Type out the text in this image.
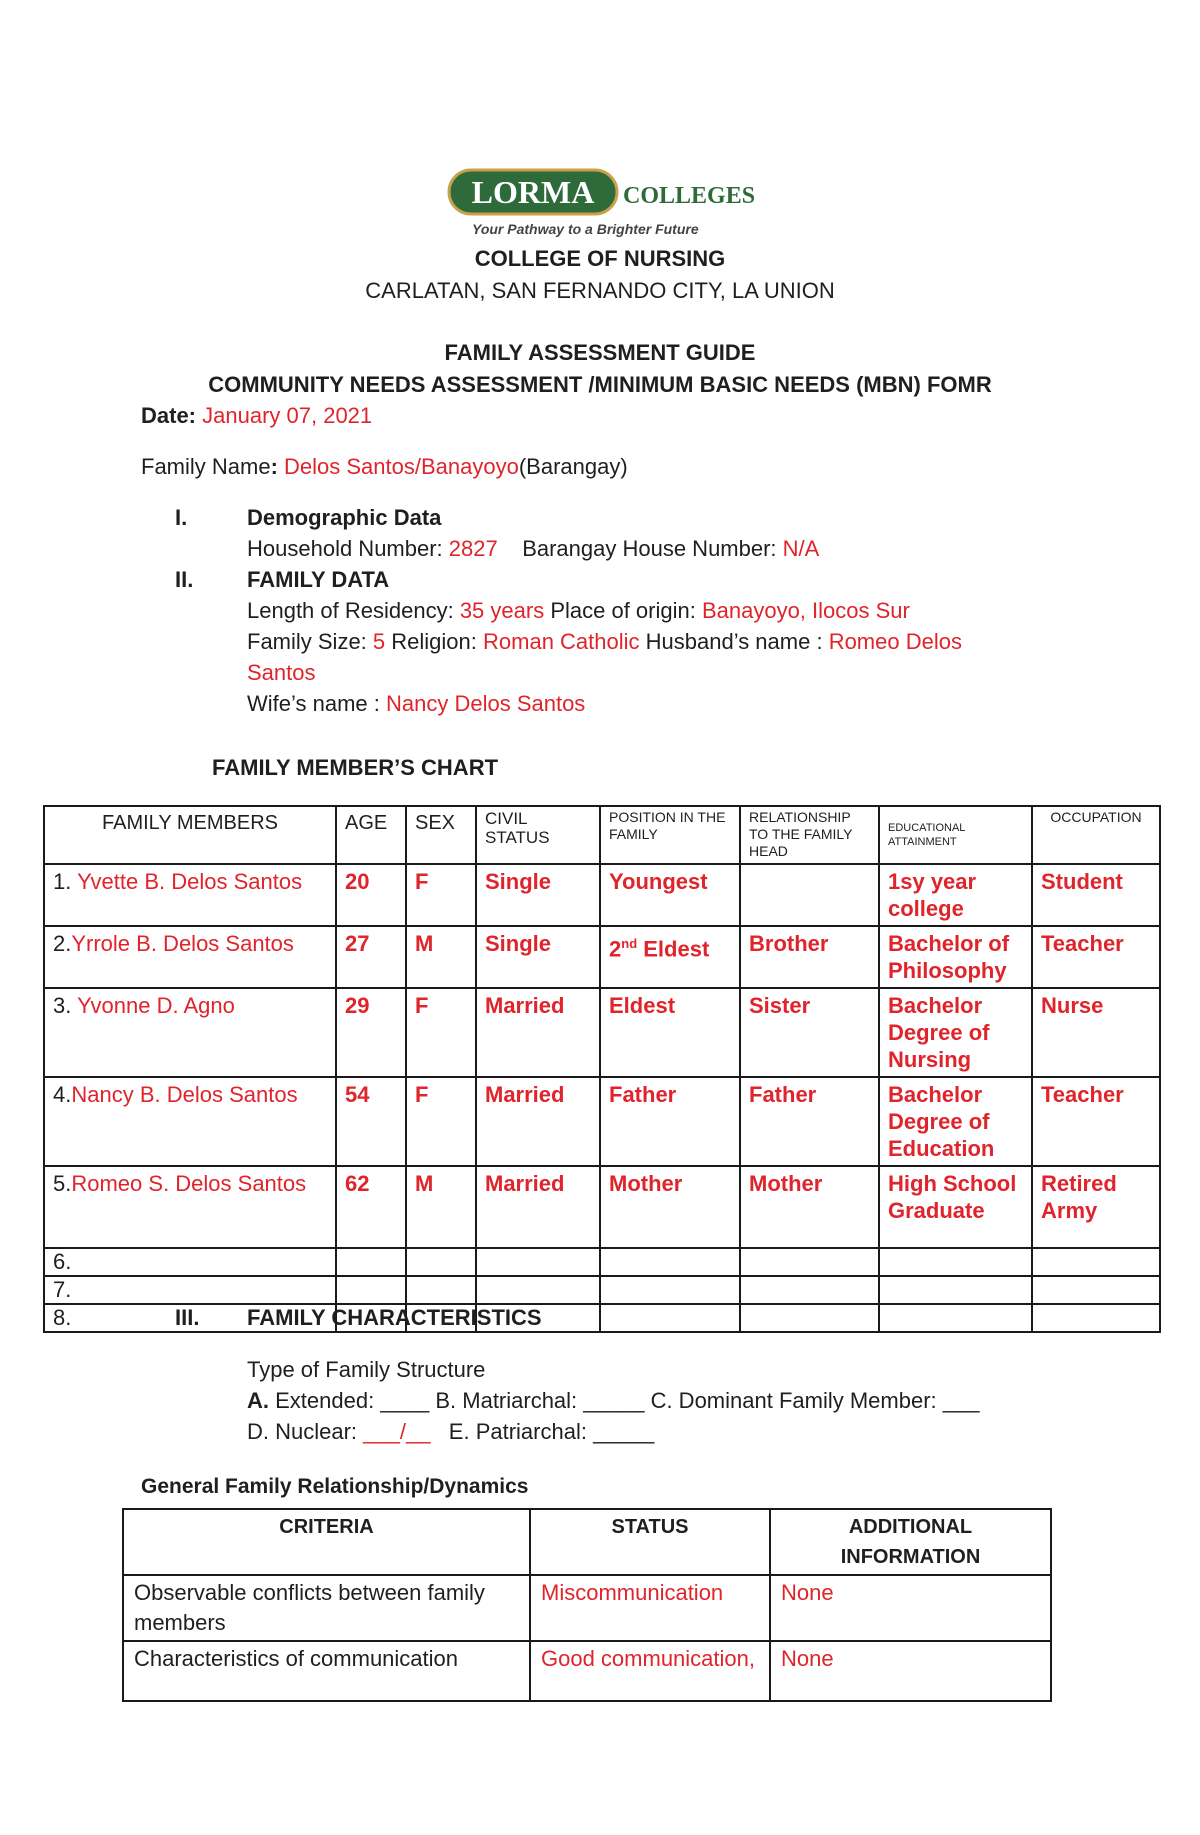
LORMA COLLEGES
Your Pathway to a Brighter Future
COLLEGE OF NURSING
CARLATAN, SAN FERNANDO CITY, LA UNION
FAMILY ASSESSMENT GUIDE
COMMUNITY NEEDS ASSESSMENT /MINIMUM BASIC NEEDS (MBN) FOMR
Date: January 07, 2021
Family Name: Delos Santos/Banayoyo(Barangay)
I.	Demographic Data
Household Number: 2827 Barangay House Number: N/A
II. FAMILY DATA
Length of Residency: 35 years Place of origin: Banayoyo, Ilocos Sur
Family Size: 5 Religion: Roman Catholic Husband’s name : Romeo Delos
Santos
Wife’s name : Nancy Delos Santos
FAMILY MEMBER’S CHART
FAMILY MEMBERS	AGE	SEX	CIVIL STATUS	POSITION IN THE FAMILY	RELATIONSHIP TO THE FAMILY HEAD	EDUCATIONAL ATTAINMENT	OCCUPATION
1. Yvette B. Delos Santos	20	F	Single	Youngest		1sy year college	Student
2.Yrrole B. Delos Santos	27	M	Single	2nd Eldest	Brother	Bachelor of Philosophy	Teacher
3. Yvonne D. Agno	29	F	Married	Eldest	Sister	Bachelor Degree of Nursing	Nurse
4.Nancy B. Delos Santos	54	F	Married	Father	Father	Bachelor Degree of Education	Teacher
5.Romeo S. Delos Santos	62	M	Married	Mother	Mother	High School Graduate	Retired Army
6.							
7.							
8.								III. FAMILY CHARACTERISTICS
Type of Family Structure
A. Extended: ____ B. Matriarchal: _____ C. Dominant Family Member: ___
D. Nuclear: ___/__   E. Patriarchal: _____
General Family Relationship/Dynamics
CRITERIA	STATUS	ADDITIONAL INFORMATION
Observable conflicts between family members	Miscommunication	None
Characteristics of communication	Good communication,	None
